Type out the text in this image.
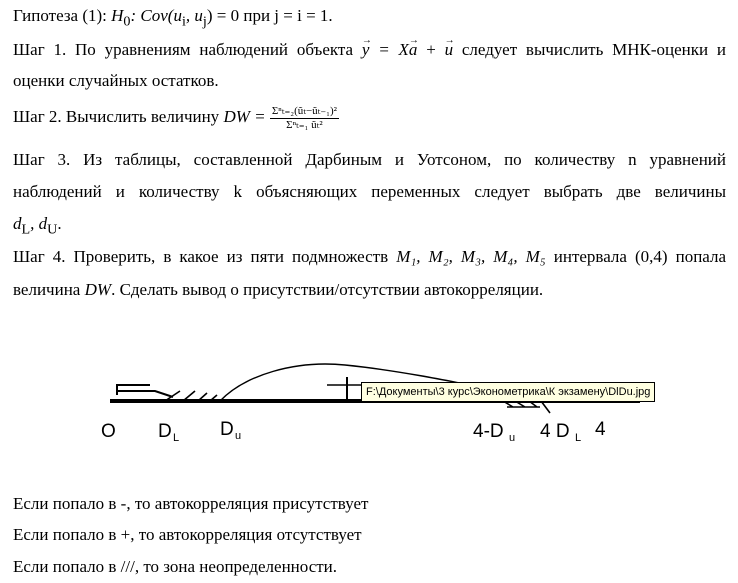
Гипотеза (1): $H_0$: $Cov(u_i$, $u_j) = 0$ при j = i = 1.
Шаг 1. По уравнениям наблюдений объекта y → = Xa → + u → следует вычислить МНК-оценки и
оценки случайных остатков.
Шаг 2. Вычислить величину DW = $\frac{\text{Σⁿₜ₌₂(ũₜ−ũₜ₋₁)²}}{\text{Σⁿₜ₌₁ ũₜ²}}$
Шаг 3. Из таблицы, составленной Дарбиным и Уотсоном, по количеству n уравнений
наблюдений и количеству k объясняющих переменных следует выбрать две величины
$d_L$, $d_U$.
Шаг 4. Проверить, в какое из пяти подмножеств M₁, M₂, M₃, M₄, M₅ интервала (0,4) попала
величина DW. Сделать вывод о присутствии/отсутствии автокорреляции.
O D L D u	4-D u 4 D L 4
F:\Документы\3 курс\Эконометрика\К экзамену\DlDu.jpg
Если попало в -, то автокорреляция присутствует
Если попало в +, то автокорреляция отсутствует
Если попало в ///, то зона неопределенности.
